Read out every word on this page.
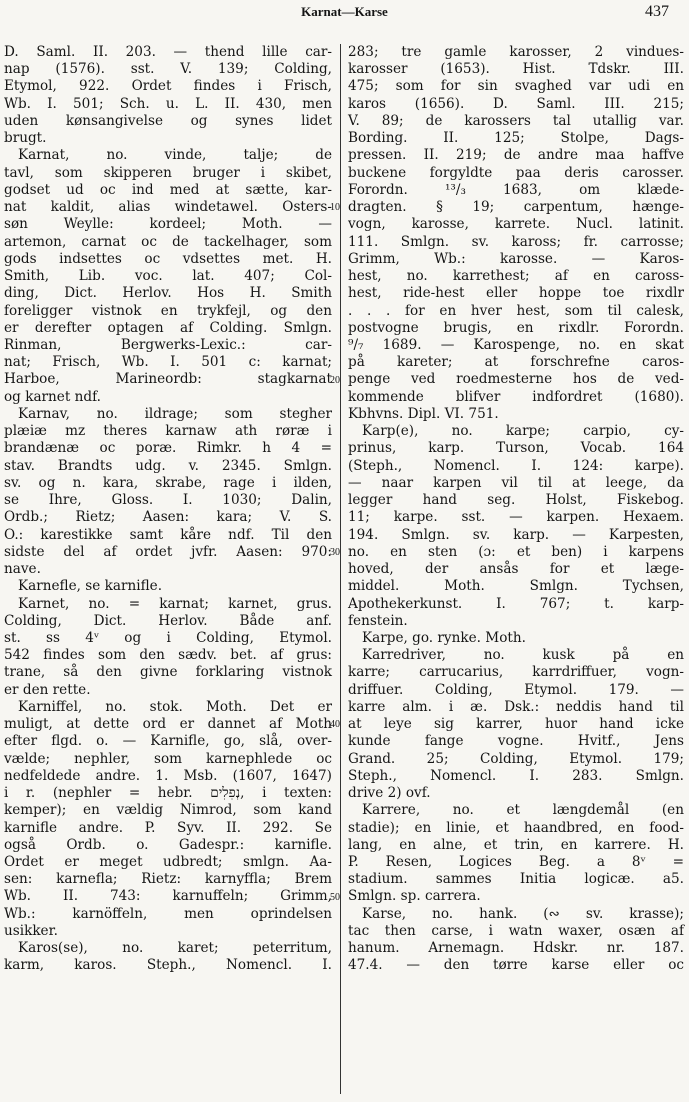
Karnat—Karse	437
D. Saml. II. 203. — thend lille car-
nap (1576). sst. V. 139; Colding,
Etymol, 922. Ordet findes i Frisch,
Wb. I. 501; Sch. u. L. II. 430, men
uden kønsangivelse og synes lidet
brugt.
Karnat, no. vinde, talje; de
tavl, som skipperen bruger i skibet,
godset ud oc ind med at sætte, kar-
nat kaldit, alias windetawel. Osters-
søn Weylle: kordeel; Moth. —
artemon, carnat oc de tackelhager, som
gods indsettes oc vdsettes met. H.
Smith, Lib. voc. lat. 407; Col-
ding, Dict. Herlov. Hos H. Smith
foreligger vistnok en trykfejl, og den
er derefter optagen af Colding. Smlgn.
Rinman, Bergwerks-Lexic.: car-
nat; Frisch, Wb. I. 501 c: karnat;
Harboe, Marineordb: stagkarnat
og karnet ndf.
Karnav, no. ildrage; som stegher
plæiæ mz theres karnaw ath røræ i
brandænæ oc poræ. Rimkr. h 4 =
stav. Brandts udg. v. 2345. Smlgn.
sv. og n. kara, skrabe, rage i ilden,
se Ihre, Gloss. I. 1030; Dalin,
Ordb.; Rietz; Aasen: kara; V. S.
O.: karestikke samt kåre ndf. Til den
sidste del af ordet jvfr. Aasen: 970:
nave.
Karnefle, se karnifle.
Karnet, no. = karnat; karnet, grus.
Colding, Dict. Herlov. Både anf.
st. ss 4ᵛ og i Colding, Etymol.
542 findes som den sædv. bet. af grus:
trane, så den givne forklaring vistnok
er den rette.
Karniffel, no. stok. Moth. Det er
muligt, at dette ord er dannet af Moth
efter flgd. o. — Karnifle, go, slå, over-
vælde; nephler, som karnephlede oc
nedfeldede andre. 1. Msb. (1607, 1647)
i r. (nephler = hebr. נְפִלִים, i texten:
kemper); en vældig Nimrod, som kand
karnifle andre. P. Syv. II. 292. Se
også Ordb. o. Gadespr.: karnifle.
Ordet er meget udbredt; smlgn. Aa-
sen: karnefla; Rietz: karnyffla; Brem
Wb. II. 743: karnuffeln; Grimm,
Wb.: karnöffeln, men oprindelsen
usikker.
Karos(se), no. karet; peterritum,
karm, karos. Steph., Nomencl. I.
283; tre gamle karosser, 2 vindues-
karosser (1653). Hist. Tdskr. III.
475; som for sin svaghed var udi en
karos (1656). D. Saml. III. 215;
V. 89; de karossers tal utallig var.
Bording. II. 125; Stolpe, Dags-
pressen. II. 219; de andre maa haffve
buckene forgyldte paa deris carosser.
Forordn. ¹³/₃ 1683, om klæde-
dragten. § 19; carpentum, hænge-
vogn, karosse, karrete. Nucl. latinit.
111. Smlgn. sv. kaross; fr. carrosse;
Grimm, Wb.: karosse. — Karos-
hest, no. karrethest; af en caross-
hest, ride-hest eller hoppe toe rixdlr
. . . for en hver hest, som til calesk,
postvogne brugis, en rixdlr. Forordn.
⁹/₇ 1689. — Karospenge, no. en skat
på kareter; at forschrefne caros-
penge ved roedmesterne hos de ved-
kommende blifver indfordret (1680).
Kbhvns. Dipl. VI. 751.
Karp(e), no. karpe; carpio, cy-
prinus, karp. Turson, Vocab. 164
(Steph., Nomencl. I. 124: karpe).
— naar karpen vil til at leege, da
legger hand seg. Holst, Fiskebog.
11; karpe. sst. — karpen. Hexaem.
194. Smlgn. sv. karp. — Karpesten,
no. en sten (ɔ: et ben) i karpens
hoved, der ansås for et læge-
middel. Moth. Smlgn. Tychsen,
Apothekerkunst. I. 767; t. karp-
fenstein.
Karpe, go. rynke. Moth.
Karredriver, no. kusk på en
karre; carrucarius, karrdriffuer, vogn-
driffuer. Colding, Etymol. 179. —
karre alm. i æ. Dsk.: neddis hand til
at leye sig karrer, huor hand icke
kunde fange vogne. Hvitf., Jens
Grand. 25; Colding, Etymol. 179;
Steph., Nomencl. I. 283. Smlgn.
drive 2) ovf.
Karrere, no. et længdemål (en
stadie); en linie, et haandbred, en food-
lang, en alne, et trin, en karrere. H.
P. Resen, Logices Beg. a 8ᵛ =
stadium. sammes Initia logicæ. a5.
Smlgn. sp. carrera.
Karse, no. hank. (∾ sv. krasse);
tac then carse, i watn waxer, osæn af
hanum. Arnemagn. Hdskr. nr. 187.
47.4. — den tørre karse eller oc
10
20
30
40
50
